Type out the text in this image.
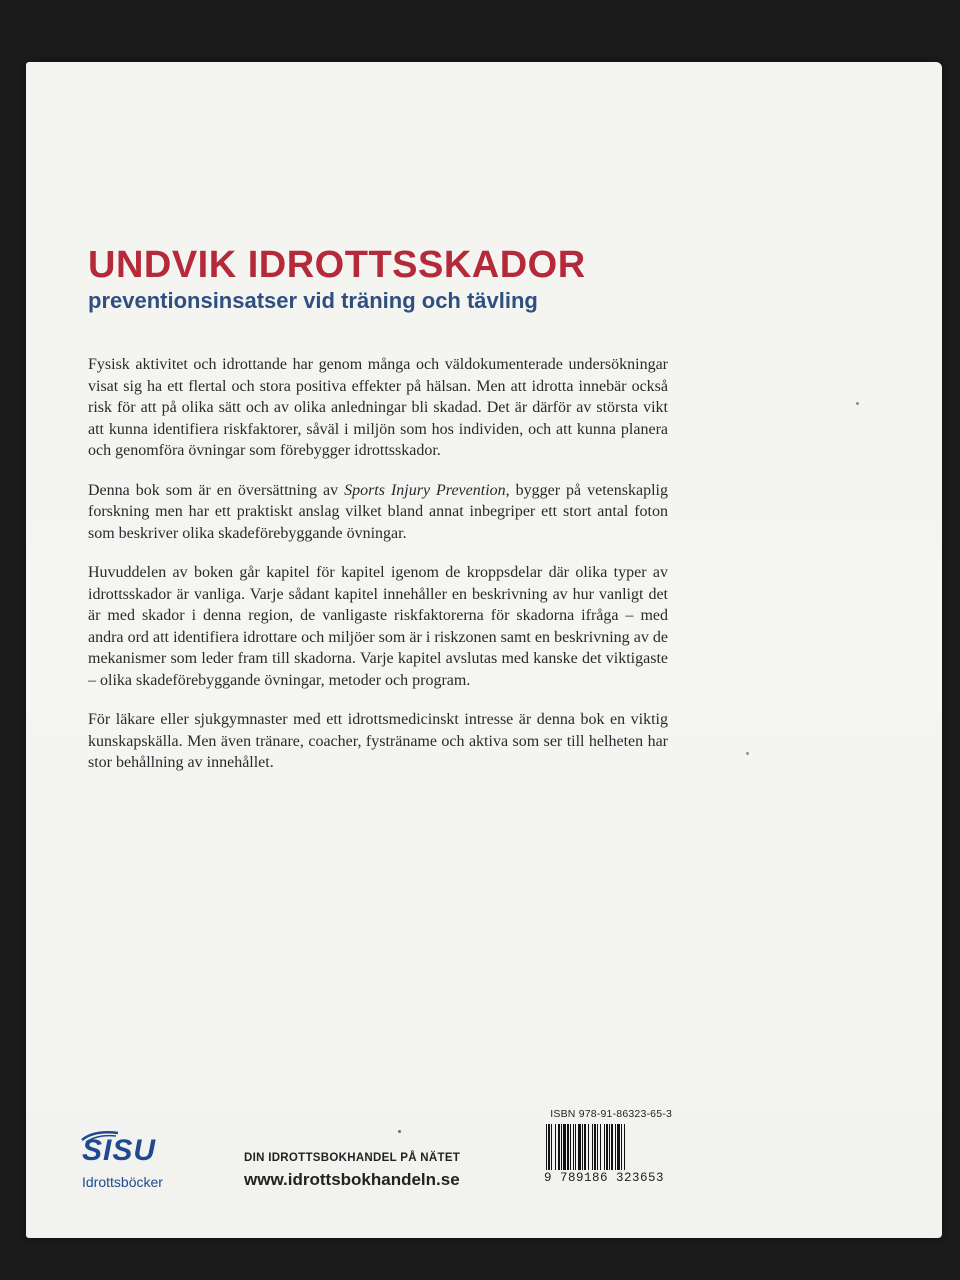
UNDVIK IDROTTSSKADOR
preventionsinsatser vid träning och tävling

Fysisk aktivitet och idrottande har genom många och väldokumenterade undersökningar visat sig ha ett flertal och stora positiva effekter på hälsan. Men att idrotta innebär också risk för att på olika sätt och av olika anledningar bli skadad. Det är därför av största vikt att kunna identifiera riskfaktorer, såväl i miljön som hos individen, och att kunna planera och genomföra övningar som förebygger idrottsskador.

Denna bok som är en översättning av Sports Injury Prevention, bygger på vetenskaplig forskning men har ett praktiskt anslag vilket bland annat inbegriper ett stort antal foton som beskriver olika skadeförebyggande övningar.

Huvuddelen av boken går kapitel för kapitel igenom de kroppsdelar där olika typer av idrottsskador är vanliga. Varje sådant kapitel innehåller en beskrivning av hur vanligt det är med skador i denna region, de vanligaste riskfaktorerna för skadorna ifråga – med andra ord att identifiera idrottare och miljöer som är i riskzonen samt en beskrivning av de mekanismer som leder fram till skadorna. Varje kapitel avslutas med kanske det viktigaste – olika skadeförebyggande övningar, metoder och program.

För läkare eller sjukgymnaster med ett idrottsmedicinskt intresse är denna bok en viktig kunskapskälla. Men även tränare, coacher, fysträname och aktiva som ser till helheten har stor behållning av innehållet.

SISU
Idrottsböcker
DIN IDROTTSBOKHANDEL PÅ NÄTET
www.idrottsbokhandeln.se
ISBN 978-91-86323-65-3
9 789186 323653
